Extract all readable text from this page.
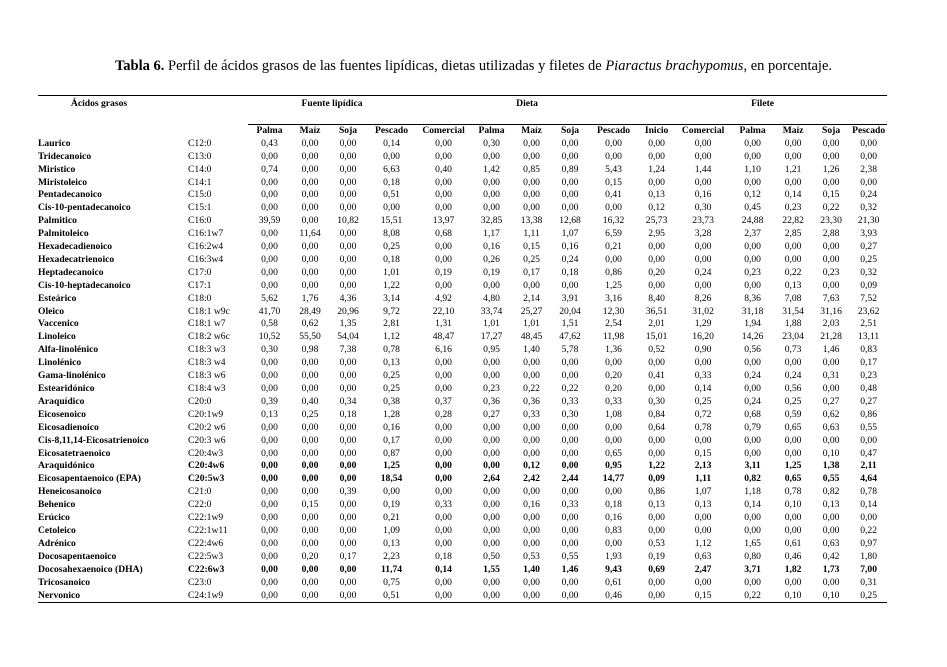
Tabla 6. Perfil de ácidos grasos de las fuentes lipídicas, dietas utilizadas y filetes de Piaractus brachypomus, en porcentaje.
Ácidos grasos		Fuente lipídica				Dieta					Filete					

		Palma	Maíz	Soja	Pescado	Comercial	Palma	Maíz	Soja	Pescado	Inicio	Comercial	Palma	Maíz	Soja	Pescado
Laurico	C12:0	0,43	0,00	0,00	0,14	0,00	0,30	0,00	0,00	0,00	0,00	0,00	0,00	0,00	0,00	0,00
Tridecanoico	C13:0	0,00	0,00	0,00	0,00	0,00	0,00	0,00	0,00	0,00	0,00	0,00	0,00	0,00	0,00	0,00
Miristico	C14:0	0,74	0,00	0,00	6,63	0,40	1,42	0,85	0,89	5,43	1,24	1,44	1,10	1,21	1,26	2,38
Miristoleico	C14:1	0,00	0,00	0,00	0,18	0,00	0,00	0,00	0,00	0,15	0,00	0,00	0,00	0,00	0,00	0,00
Pentadecanoico	C15:0	0,00	0,00	0,00	0,51	0,00	0,00	0,00	0,00	0,41	0,13	0,16	0,12	0,14	0,15	0,24
Cis-10-pentadecanoico	C15:1	0,00	0,00	0,00	0,00	0,00	0,00	0,00	0,00	0,00	0,12	0,30	0,45	0,23	0,22	0,32
Palmitico	C16:0	39,59	0,00	10,82	15,51	13,97	32,85	13,38	12,68	16,32	25,73	23,73	24,88	22,82	23,30	21,30
Palmitoleico	C16:1w7	0,00	11,64	0,00	8,08	0,68	1,17	1,11	1,07	6,59	2,95	3,28	2,37	2,85	2,88	3,93
Hexadecadienoico	C16:2w4	0,00	0,00	0,00	0,25	0,00	0,16	0,15	0,16	0,21	0,00	0,00	0,00	0,00	0,00	0,27
Hexadecatrienoico	C16:3w4	0,00	0,00	0,00	0,18	0,00	0,26	0,25	0,24	0,00	0,00	0,00	0,00	0,00	0,00	0,25
Heptadecanoico	C17:0	0,00	0,00	0,00	1,01	0,19	0,19	0,17	0,18	0,86	0,20	0,24	0,23	0,22	0,23	0,32
Cis-10-heptadecanoico	C17:1	0,00	0,00	0,00	1,22	0,00	0,00	0,00	0,00	1,25	0,00	0,00	0,00	0,13	0,00	0,09
Esteárico	C18:0	5,62	1,76	4,36	3,14	4,92	4,80	2,14	3,91	3,16	8,40	8,26	8,36	7,08	7,63	7,52
Oleico	C18:1 w9c	41,70	28,49	20,96	9,72	22,10	33,74	25,27	20,04	12,30	36,51	31,02	31,18	31,54	31,16	23,62
Vaccenico	C18:1 w7	0,58	0,62	1,35	2,81	1,31	1,01	1,01	1,51	2,54	2,01	1,29	1,94	1,88	2,03	2,51
Linoleico	C18:2 w6c	10,52	55,50	54,04	1,12	48,47	17,27	48,45	47,62	11,98	15,01	16,20	14,26	23,04	21,28	13,11
Alfa-linolénico	C18:3 w3	0,30	0,98	7,38	0,78	6,16	0,95	1,40	5,78	1,36	0,52	0,90	0,56	0,73	1,46	0,83
Linolénico	C18:3 w4	0,00	0,00	0,00	0,13	0,00	0,00	0,00	0,00	0,00	0,00	0,00	0,00	0,00	0,00	0,17
Gama-linolénico	C18:3 w6	0,00	0,00	0,00	0,25	0,00	0,00	0,00	0,00	0,20	0,41	0,33	0,24	0,24	0,31	0,23
Estearidónico	C18:4 w3	0,00	0,00	0,00	0,25	0,00	0,23	0,22	0,22	0,20	0,00	0,14	0,00	0,56	0,00	0,48
Araquídico	C20:0	0,39	0,40	0,34	0,38	0,37	0,36	0,36	0,33	0,33	0,30	0,25	0,24	0,25	0,27	0,27
Eicosenoico	C20:1w9	0,13	0,25	0,18	1,28	0,28	0,27	0,33	0,30	1,08	0,84	0,72	0,68	0,59	0,62	0,86
Eicosadienoico	C20:2 w6	0,00	0,00	0,00	0,16	0,00	0,00	0,00	0,00	0,00	0,64	0,78	0,79	0,65	0,63	0,55
Cis-8,11,14-Eicosatrienoico	C20:3 w6	0,00	0,00	0,00	0,17	0,00	0,00	0,00	0,00	0,00	0,00	0,00	0,00	0,00	0,00	0,00
Eicosatetraenoico	C20:4w3	0,00	0,00	0,00	0,87	0,00	0,00	0,00	0,00	0,65	0,00	0,15	0,00	0,00	0,10	0,47
Araquidónico	C20:4w6	0,00	0,00	0,00	1,25	0,00	0,00	0,12	0,00	0,95	1,22	2,13	3,11	1,25	1,38	2,11
Eicosapentaenoico (EPA)	C20:5w3	0,00	0,00	0,00	18,54	0,00	2,64	2,42	2,44	14,77	0,09	1,11	0,82	0,65	0,55	4,64
Heneicosanoico	C21:0	0,00	0,00	0,39	0,00	0,00	0,00	0,00	0,00	0,00	0,86	1,07	1,18	0,78	0,82	0,78
Behenico	C22:0	0,00	0,15	0,00	0,19	0,33	0,00	0,16	0,33	0,18	0,13	0,13	0,14	0,10	0,13	0,14
Erúcico	C22:1w9	0,00	0,00	0,00	0,21	0,00	0,00	0,00	0,00	0,16	0,00	0,00	0,00	0,00	0,00	0,00
Cetoleico	C22:1w11	0,00	0,00	0,00	1,09	0,00	0,00	0,00	0,00	0,83	0,00	0,00	0,00	0,00	0,00	0,22
Adrénico	C22:4w6	0,00	0,00	0,00	0,13	0,00	0,00	0,00	0,00	0,00	0,53	1,12	1,65	0,61	0,63	0,97
Docosapentaenoico	C22:5w3	0,00	0,20	0,17	2,23	0,18	0,50	0,53	0,55	1,93	0,19	0,63	0,80	0,46	0,42	1,80
Docosahexaenoico (DHA)	C22:6w3	0,00	0,00	0,00	11,74	0,14	1,55	1,40	1,46	9,43	0,69	2,47	3,71	1,82	1,73	7,00
Tricosanoico	C23:0	0,00	0,00	0,00	0,75	0,00	0,00	0,00	0,00	0,61	0,00	0,00	0,00	0,00	0,00	0,31
Nervonico	C24:1w9	0,00	0,00	0,00	0,51	0,00	0,00	0,00	0,00	0,46	0,00	0,15	0,22	0,10	0,10	0,25
